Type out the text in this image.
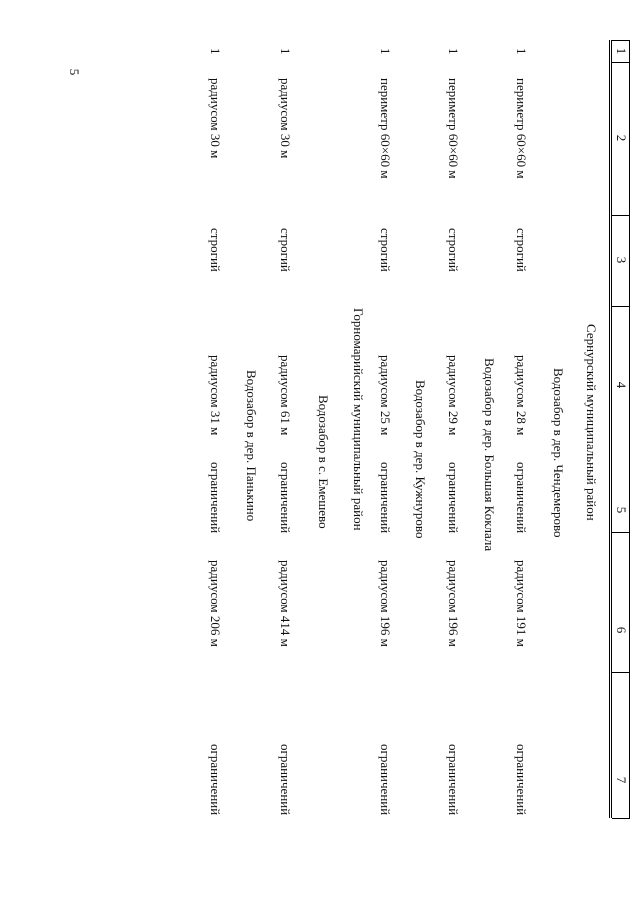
5
1
2
3
4
5
6
7
Сернурский муниципальный район
Водозабор в дер. Чендемерово
1
периметр 60×60 м
строгий
радиусом 28 м
ограничений
радиусом 191 м
ограничений
Водозабор в дер. Большая Коклала
1
периметр 60×60 м
строгий
радиусом 29 м
ограничений
радиусом 196 м
ограничений
Водозабор в дер. Кужнурово
1
периметр 60×60 м
строгий
радиусом 25 м
ограничений
радиусом 196 м
ограничений
Горномарийский муниципальный район
Водозабор в с. Емешево
1
радиусом 30 м
строгий
радиусом 61 м
ограничений
радиусом 414 м
ограничений
Водозабор в дер. Панькино
1
радиусом 30 м
строгий
радиусом 31 м
ограничений
радиусом 206 м
ограничений
